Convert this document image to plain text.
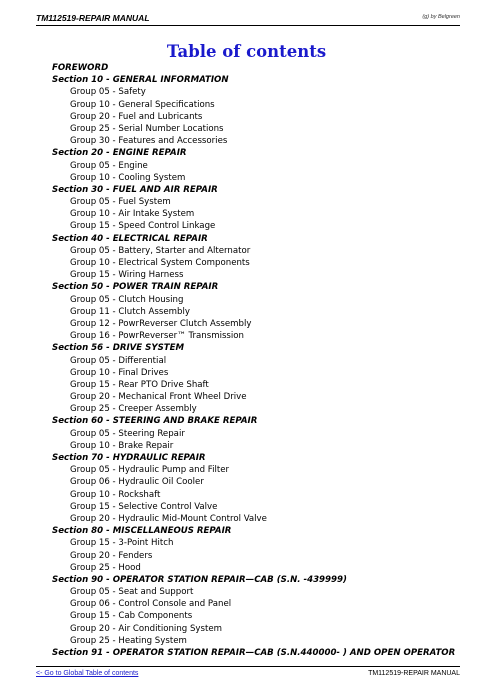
TM112519-REPAIR MANUAL	(g) by Belgreen
Table of contents
FOREWORD
Section 10 - GENERAL INFORMATION
Group 05 - Safety
Group 10 - General Specifications
Group 20 - Fuel and Lubricants
Group 25 - Serial Number Locations
Group 30 - Features and Accessories
Section 20 - ENGINE REPAIR
Group 05 - Engine
Group 10 - Cooling System
Section 30 - FUEL AND AIR REPAIR
Group 05 - Fuel System
Group 10 - Air Intake System
Group 15 - Speed Control Linkage
Section 40 - ELECTRICAL REPAIR
Group 05 - Battery, Starter and Alternator
Group 10 - Electrical System Components
Group 15 - Wiring Harness
Section 50 - POWER TRAIN REPAIR
Group 05 - Clutch Housing
Group 11 - Clutch Assembly
Group 12 - PowrReverser Clutch Assembly
Group 16 - PowrReverser™ Transmission
Section 56 - DRIVE SYSTEM
Group 05 - Differential
Group 10 - Final Drives
Group 15 - Rear PTO Drive Shaft
Group 20 - Mechanical Front Wheel Drive
Group 25 - Creeper Assembly
Section 60 - STEERING AND BRAKE REPAIR
Group 05 - Steering Repair
Group 10 - Brake Repair
Section 70 - HYDRAULIC REPAIR
Group 05 - Hydraulic Pump and Filter
Group 06 - Hydraulic Oil Cooler
Group 10 - Rockshaft
Group 15 - Selective Control Valve
Group 20 - Hydraulic Mid-Mount Control Valve
Section 80 - MISCELLANEOUS REPAIR
Group 15 - 3-Point Hitch
Group 20 - Fenders
Group 25 - Hood
Section 90 - OPERATOR STATION REPAIR—CAB (S.N. -439999)
Group 05 - Seat and Support
Group 06 - Control Console and Panel
Group 15 - Cab Components
Group 20 - Air Conditioning System
Group 25 - Heating System
Section 91 - OPERATOR STATION REPAIR—CAB (S.N.440000- ) AND OPEN OPERATOR
<- Go to Global Table of contents	TM112519-REPAIR MANUAL
